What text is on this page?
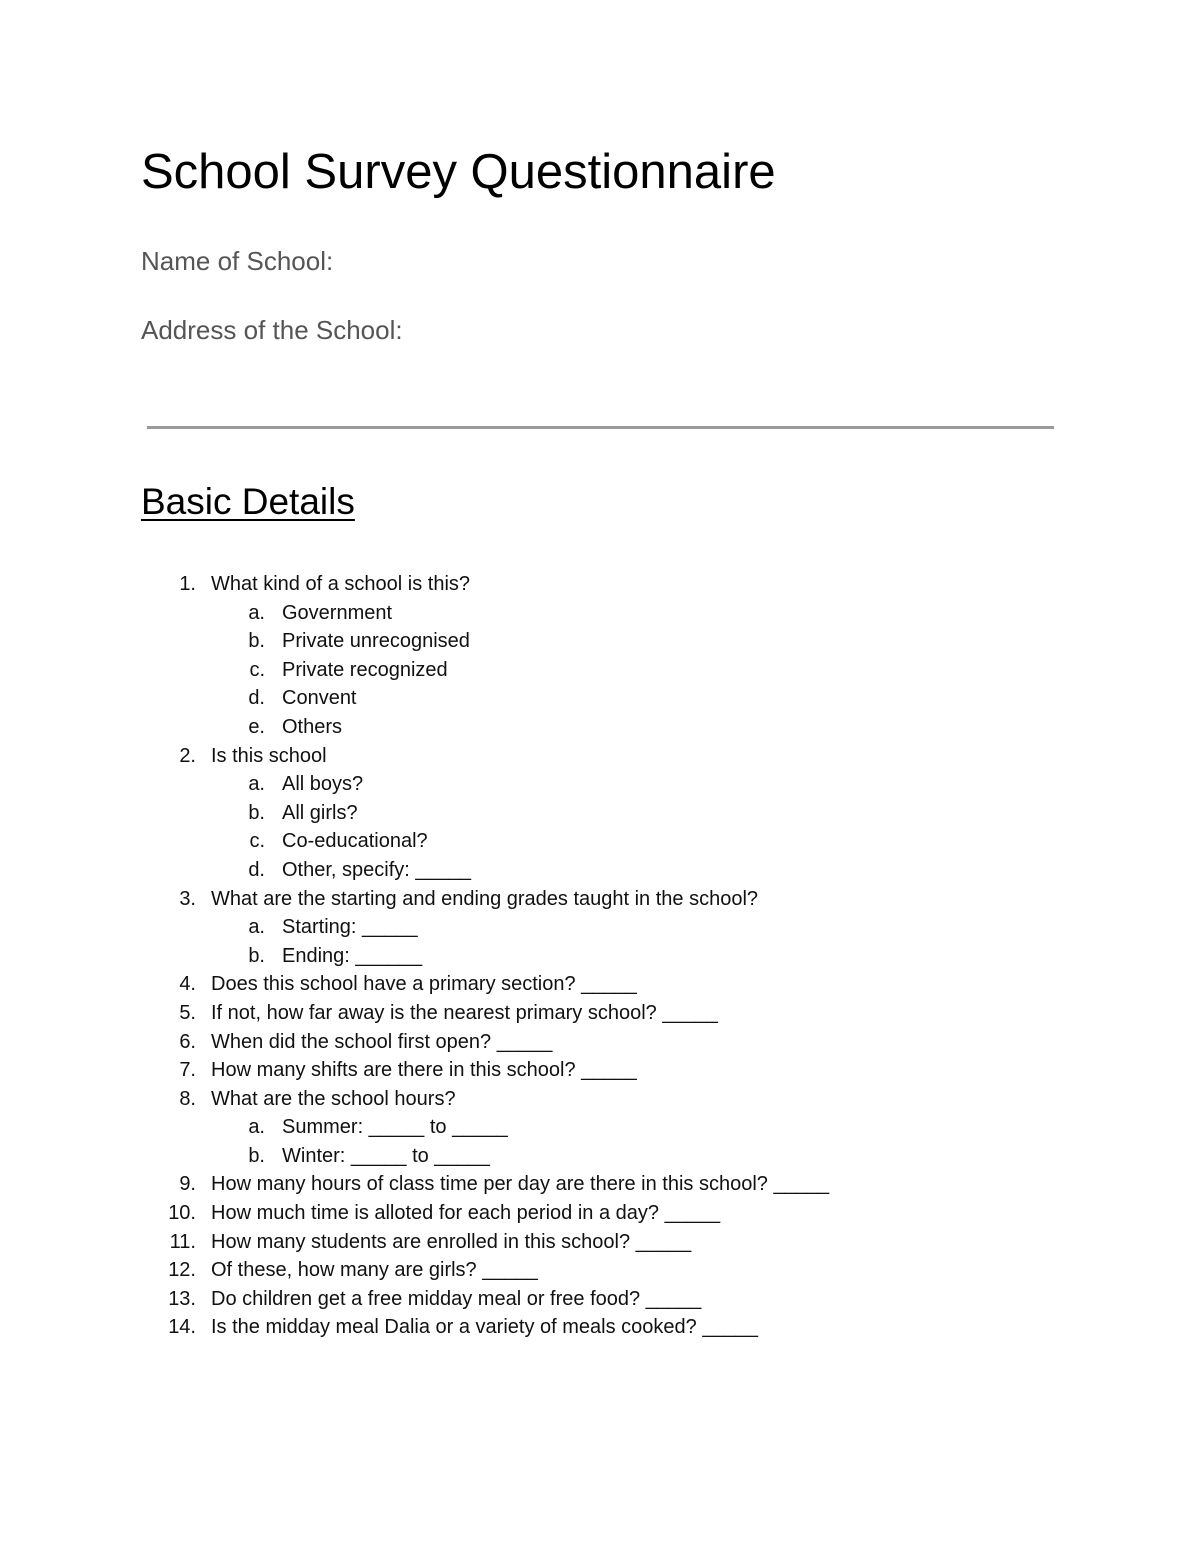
School Survey Questionnaire
Name of School:
Address of the School:
Basic Details
1. What kind of a school is this?
a. Government
b. Private unrecognised
c. Private recognized
d. Convent
e. Others
2. Is this school
a. All boys?
b. All girls?
c. Co-educational?
d. Other, specify: _____
3. What are the starting and ending grades taught in the school?
a. Starting: _____
b. Ending: ______
4. Does this school have a primary section? _____
5. If not, how far away is the nearest primary school? _____
6. When did the school first open? _____
7. How many shifts are there in this school? _____
8. What are the school hours?
a. Summer: _____ to _____
b. Winter: _____ to _____
9. How many hours of class time per day are there in this school? _____
10. How much time is alloted for each period in a day? _____
11. How many students are enrolled in this school? _____
12. Of these, how many are girls? _____
13. Do children get a free midday meal or free food? _____
14. Is the midday meal Dalia or a variety of meals cooked? _____
